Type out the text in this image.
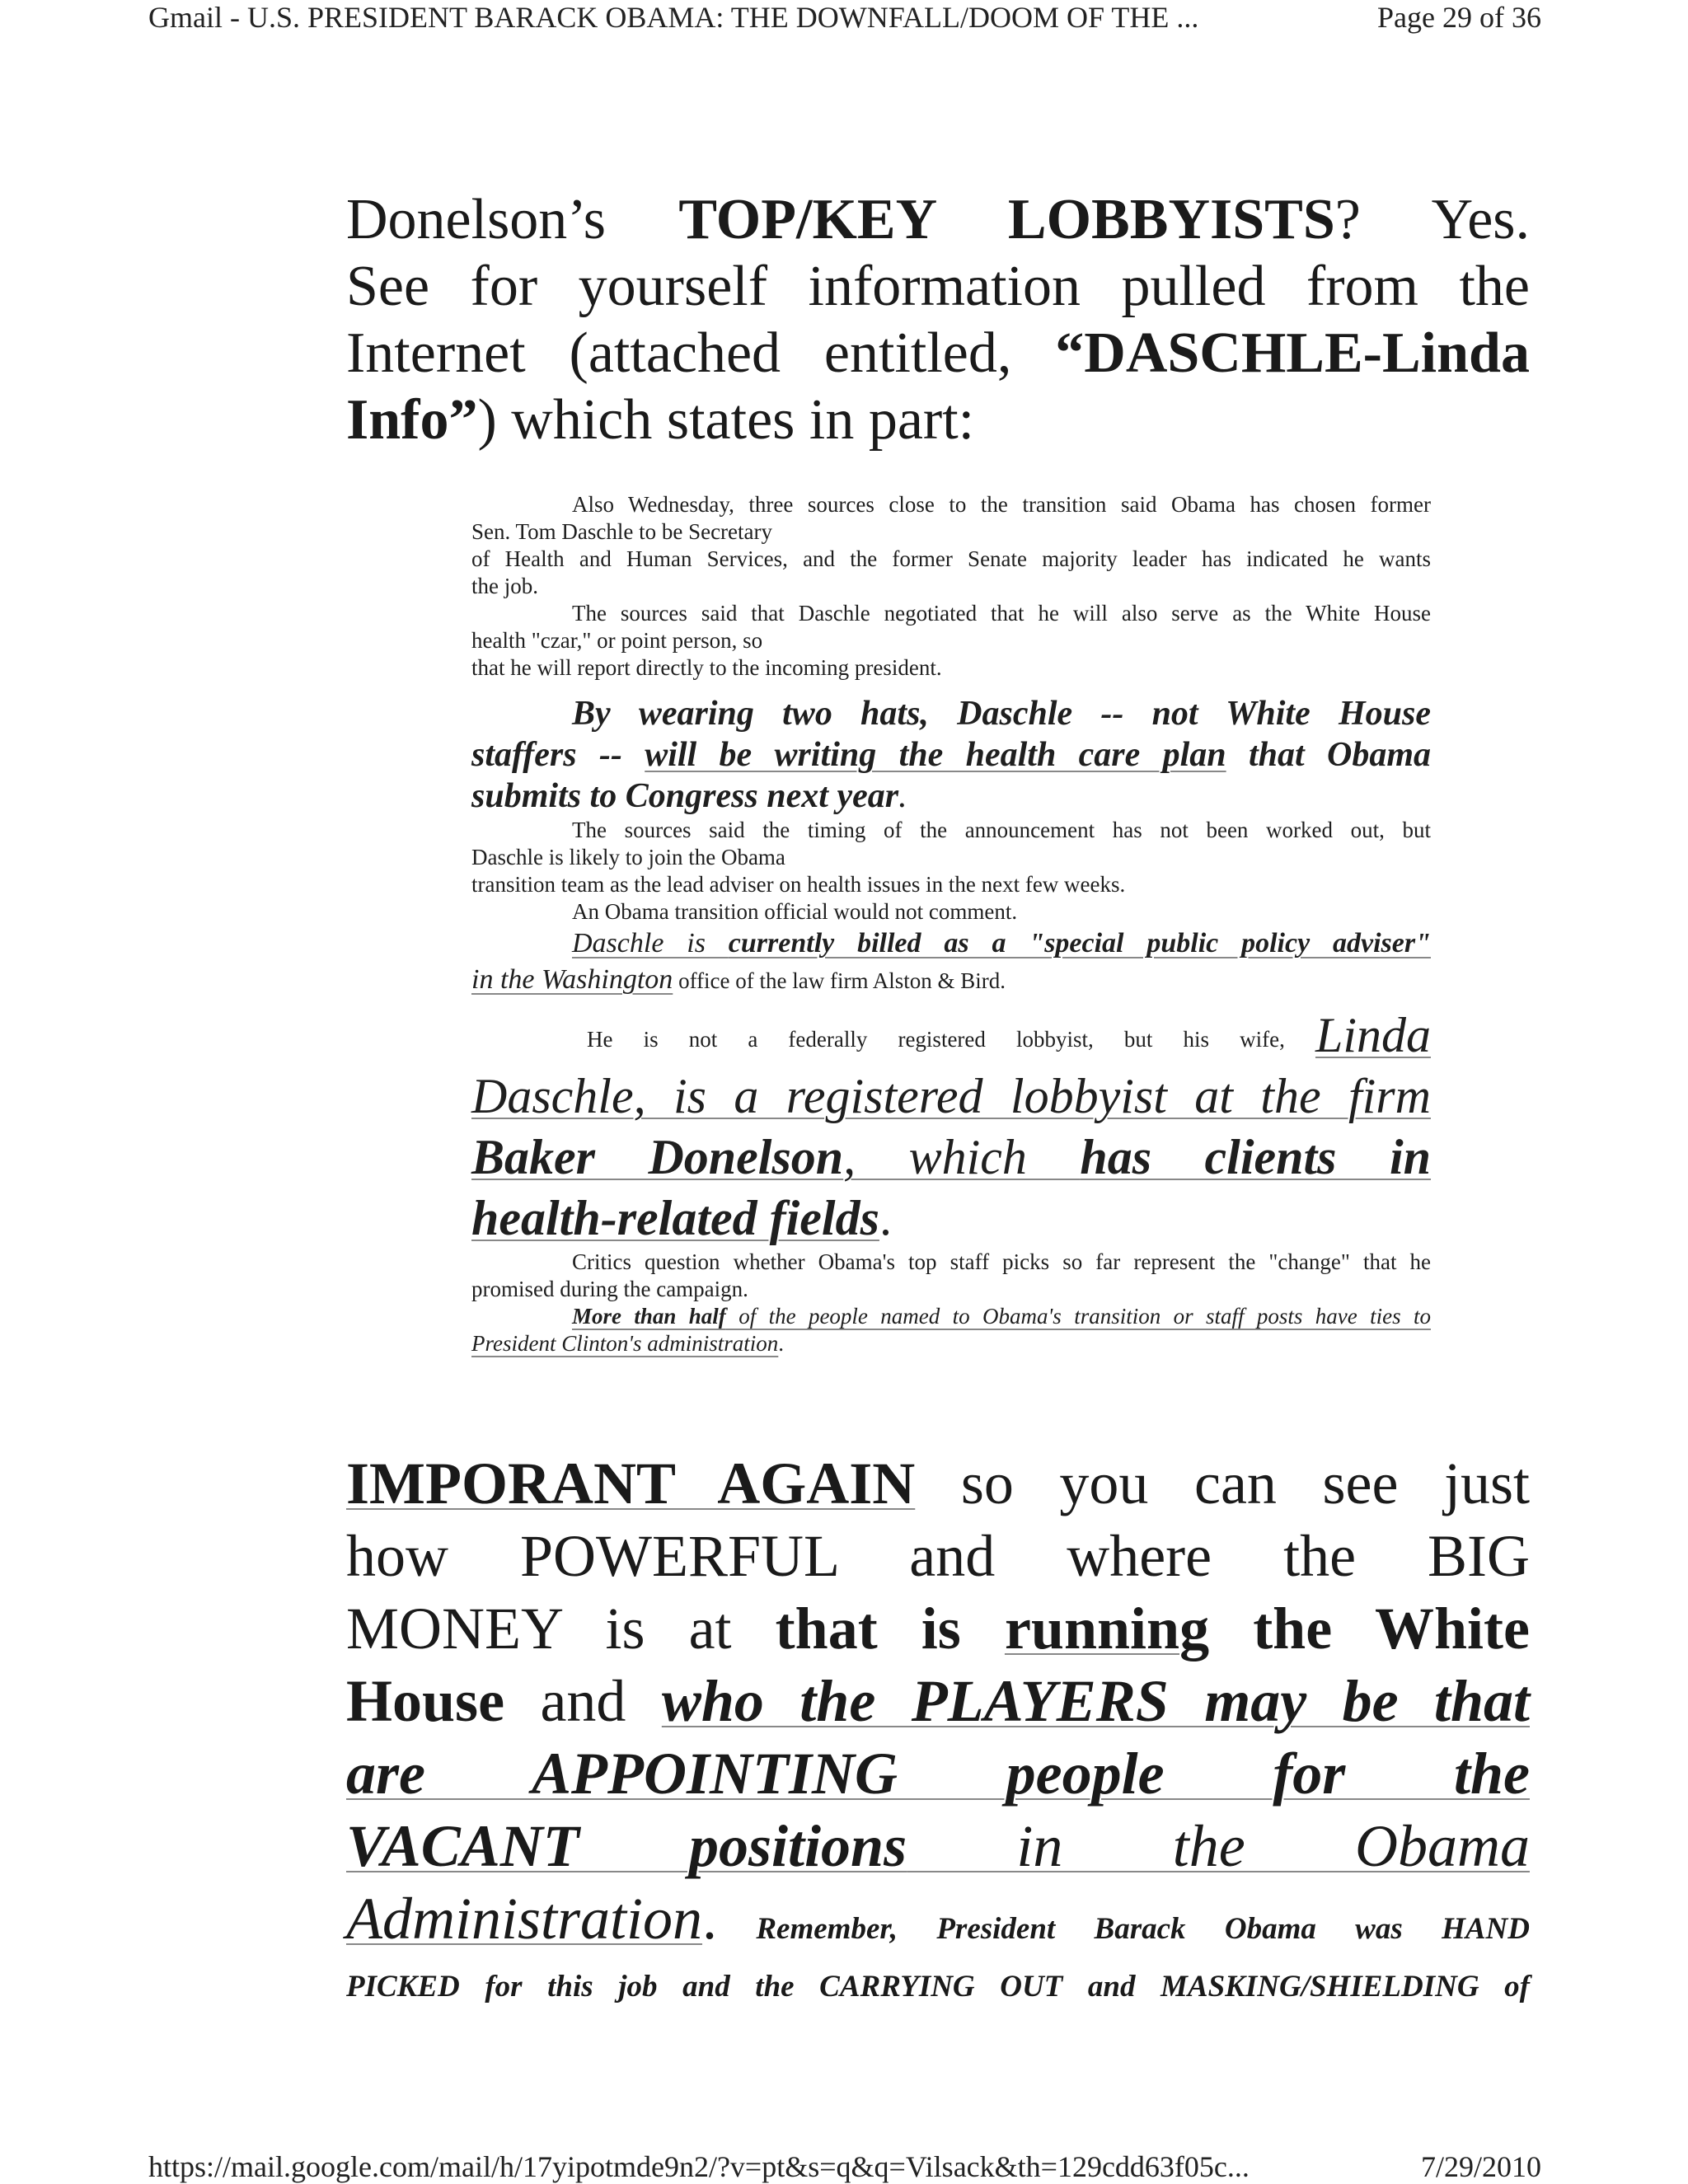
Gmail - U.S. PRESIDENT BARACK OBAMA: THE DOWNFALL/DOOM OF THE ...	Page 29 of 36
Donelson’s TOP/KEY LOBBYISTS? Yes.
See for yourself information pulled from the
Internet (attached entitled, “DASCHLE-Linda
Info”) which states in part:
Also Wednesday, three sources close to the transition said Obama has chosen former
Sen. Tom Daschle to be Secretary
of Health and Human Services, and the former Senate majority leader has indicated he wants
the job.
The sources said that Daschle negotiated that he will also serve as the White House
health "czar," or point person, so
that he will report directly to the incoming president.
By wearing two hats, Daschle -- not White House
staffers -- will be writing the health care plan that Obama
submits to Congress next year.
The sources said the timing of the announcement has not been worked out, but
Daschle is likely to join the Obama
transition team as the lead adviser on health issues in the next few weeks.
An Obama transition official would not comment.
Daschle is currently billed as a "special public policy adviser"
in the Washington office of the law firm Alston & Bird.
He is not a federally registered lobbyist, but his wife, Linda
Daschle, is a registered lobbyist at the firm
Baker Donelson, which has clients in
health-related fields.
Critics question whether Obama's top staff picks so far represent the "change" that he
promised during the campaign.
More than half of the people named to Obama's transition or staff posts have ties to
President Clinton's administration.
IMPORANT AGAIN so you can see just
how POWERFUL and where the BIG
MONEY is at that is running the White
House and who the PLAYERS may be that
are APPOINTING people for the
VACANT positions in the Obama
Administration. Remember, President Barack Obama was HAND
PICKED for this job and the CARRYING OUT and MASKING/SHIELDING of
https://mail.google.com/mail/h/17yipotmde9n2/?v=pt&s=q&q=Vilsack&th=129cdd63f05c...	7/29/2010
